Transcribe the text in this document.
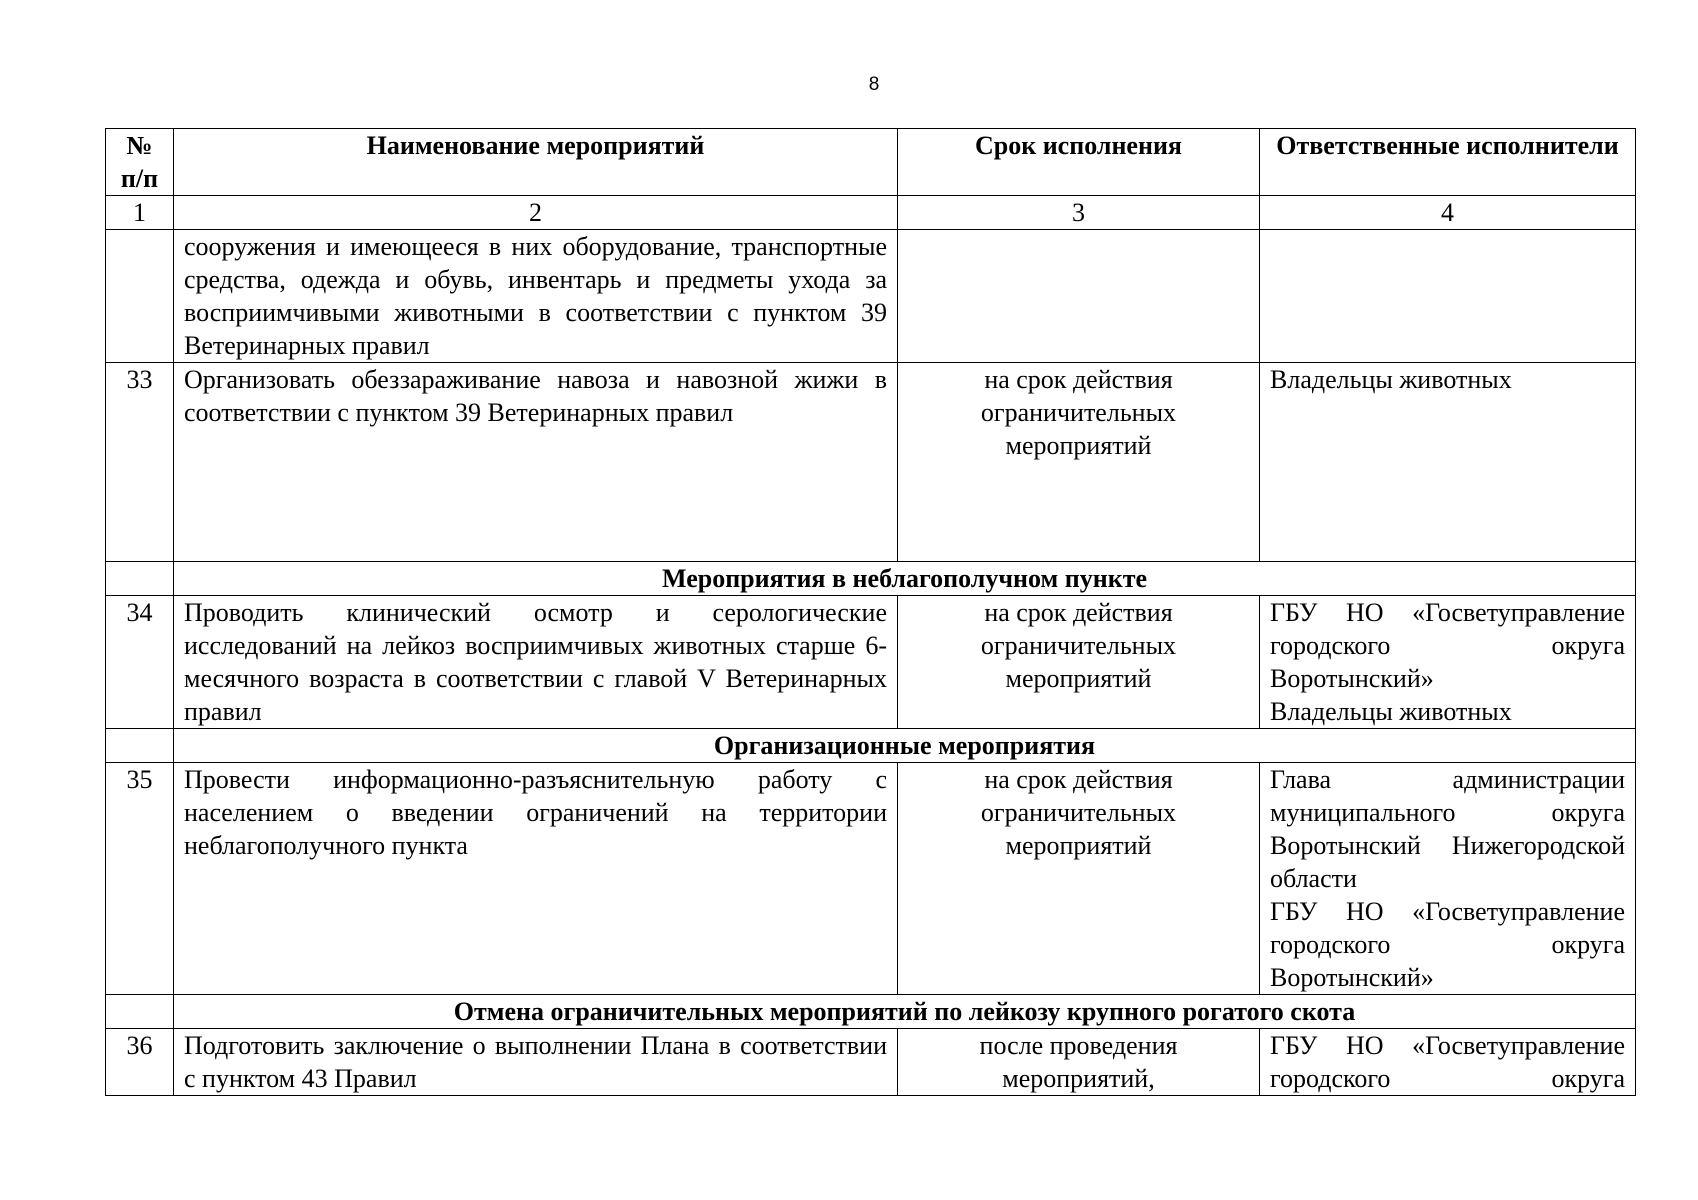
8
№ п/п	Наименование мероприятий	Срок исполнения	Ответственные исполнители
1	2	3	4
	сооружения и имеющееся в них оборудование, транспортные средства, одежда и обувь, инвентарь и предметы ухода за восприимчивыми животными в соответствии с пунктом 39 Ветеринарных правил		
33	Организовать обеззараживание навоза и навозной жижи в соответствии с пунктом 39 Ветеринарных правил	на срок действия ограничительных мероприятий	Владельцы животных
	Мероприятия в неблагополучном пункте		
34	Проводить клинический осмотр и серологические исследований на лейкоз восприимчивых животных старше 6-месячного возраста в соответствии с главой V Ветеринарных правил	на срок действия ограничительных мероприятий	ГБУ НО «Госветуправление городского округа Воротынский»
Владельцы животных

	Организационные мероприятия		
35	Провести информационно-разъяснительную работу с населением о введении ограничений на территории неблагополучного пункта	на срок действия ограничительных мероприятий	Глава администрации муниципального округа Воротынский Нижегородской области
ГБУ НО «Госветуправление городского округа Воротынский»

	Отмена ограничительных мероприятий по лейкозу крупного рогатого скота		
36	Подготовить заключение о выполнении Плана в соответствии с пунктом 43 Правил	после проведения мероприятий,	ГБУ НО «Госветуправление городского округа
